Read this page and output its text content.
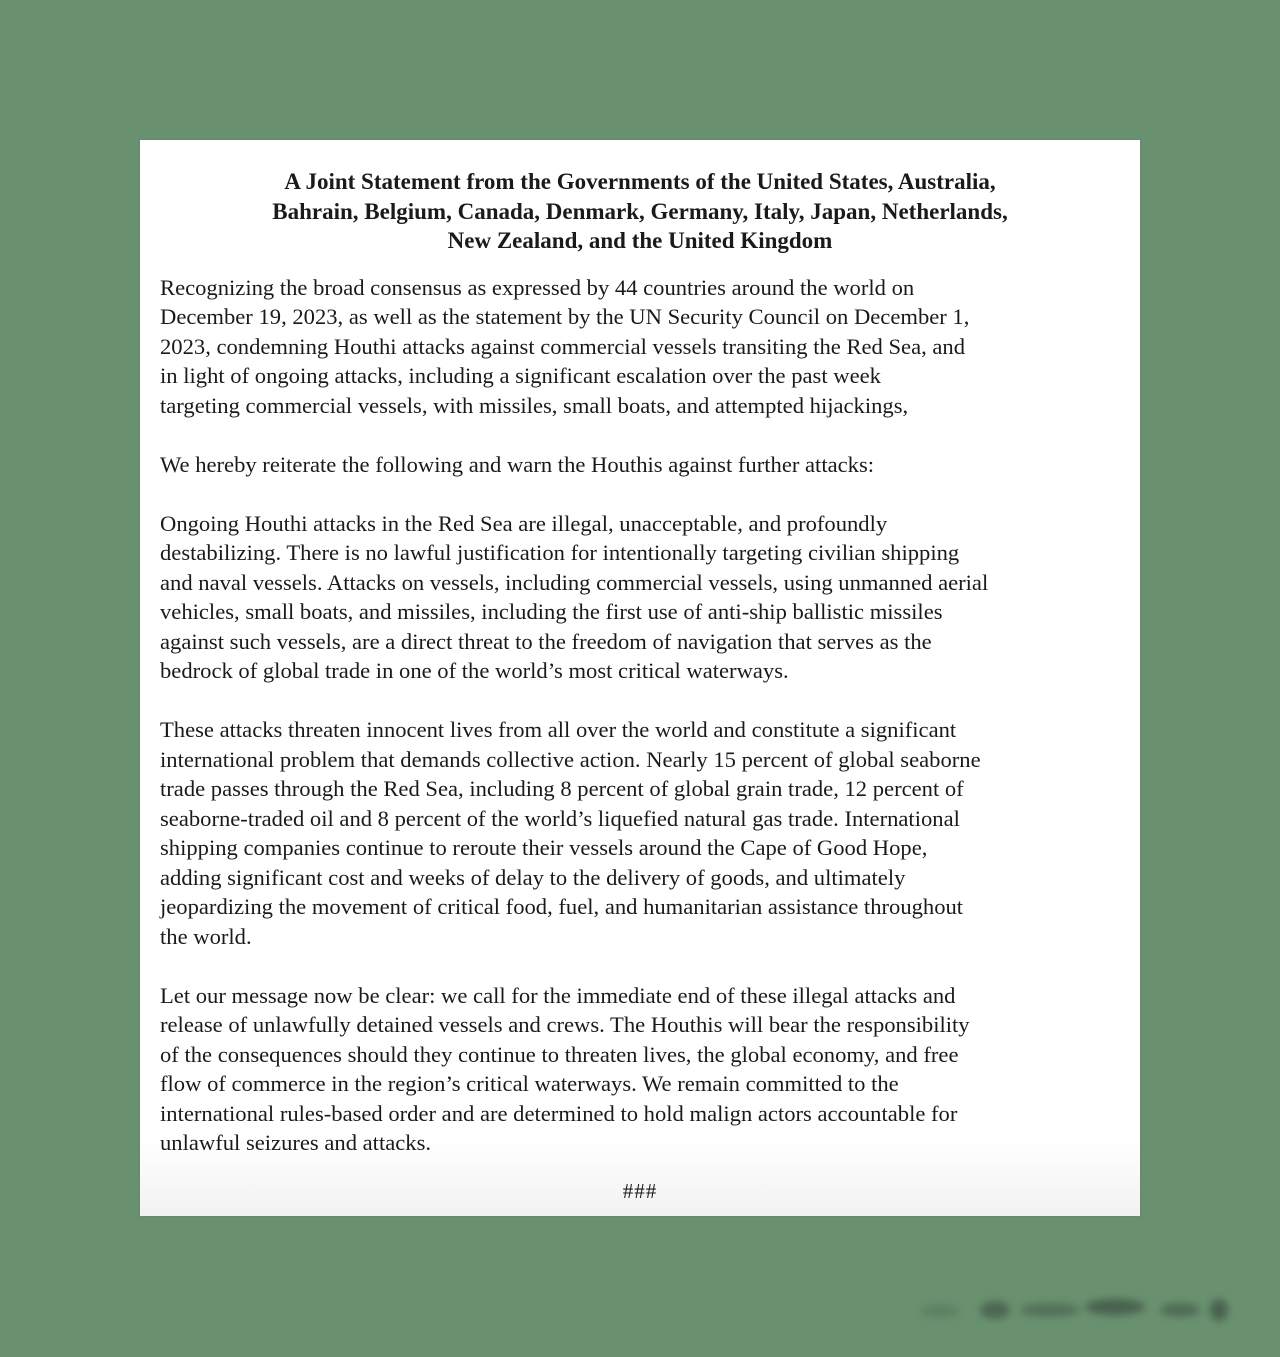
A Joint Statement from the Governments of the United States, Australia,
Bahrain, Belgium, Canada, Denmark, Germany, Italy, Japan, Netherlands,
New Zealand, and the United Kingdom
Recognizing the broad consensus as expressed by 44 countries around the world on
December 19, 2023, as well as the statement by the UN Security Council on December 1,
2023, condemning Houthi attacks against commercial vessels transiting the Red Sea, and
in light of ongoing attacks, including a significant escalation over the past week
targeting commercial vessels, with missiles, small boats, and attempted hijackings,
We hereby reiterate the following and warn the Houthis against further attacks:
Ongoing Houthi attacks in the Red Sea are illegal, unacceptable, and profoundly
destabilizing. There is no lawful justification for intentionally targeting civilian shipping
and naval vessels. Attacks on vessels, including commercial vessels, using unmanned aerial
vehicles, small boats, and missiles, including the first use of anti-ship ballistic missiles
against such vessels, are a direct threat to the freedom of navigation that serves as the
bedrock of global trade in one of the world’s most critical waterways.
These attacks threaten innocent lives from all over the world and constitute a significant
international problem that demands collective action. Nearly 15 percent of global seaborne
trade passes through the Red Sea, including 8 percent of global grain trade, 12 percent of
seaborne-traded oil and 8 percent of the world’s liquefied natural gas trade. International
shipping companies continue to reroute their vessels around the Cape of Good Hope,
adding significant cost and weeks of delay to the delivery of goods, and ultimately
jeopardizing the movement of critical food, fuel, and humanitarian assistance throughout
the world.
Let our message now be clear: we call for the immediate end of these illegal attacks and
release of unlawfully detained vessels and crews. The Houthis will bear the responsibility
of the consequences should they continue to threaten lives, the global economy, and free
flow of commerce in the region’s critical waterways. We remain committed to the
international rules-based order and are determined to hold malign actors accountable for
unlawful seizures and attacks.
###
